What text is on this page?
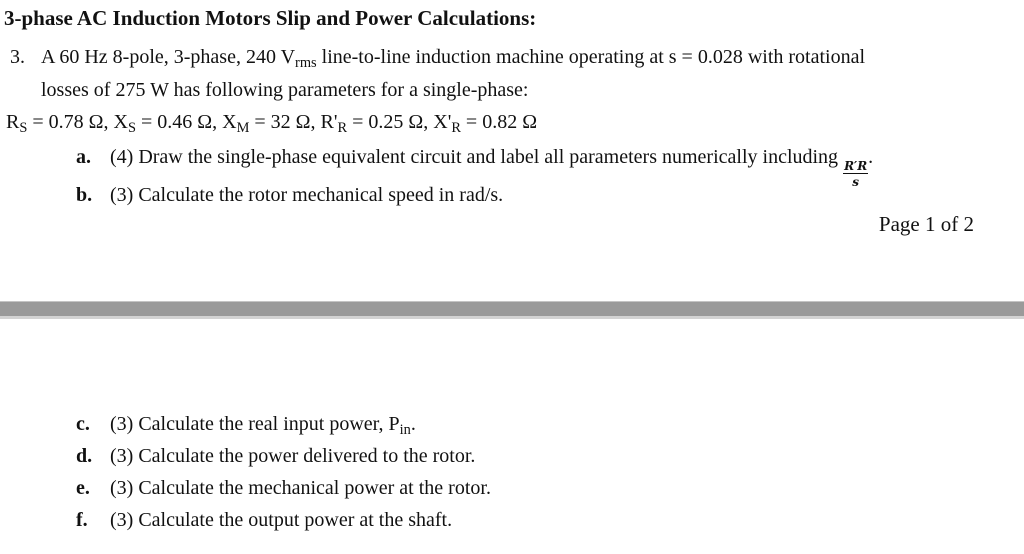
3-phase AC Induction Motors Slip and Power Calculations:
3. A 60 Hz 8-pole, 3-phase, 240 $V_{rms}$ line-to-line induction machine operating at s = 0.028 with rotational
losses of 275 W has following parameters for a single-phase:
$R_S = 0.78$ Ω, $X_S = 0.46$ Ω, $X_M = 32$ Ω, $R'_R = 0.25$ Ω, $X'_R = 0.82$ Ω
a. (4) Draw the single-phase equivalent circuit and label all parameters numerically including
$\frac{R'R}{s}$
.
b. (3) Calculate the rotor mechanical speed in rad/s.
Page 1 of 2
c. (3) Calculate the real input power, $P_{in}$.
d. (3) Calculate the power delivered to the rotor.
e. (3) Calculate the mechanical power at the rotor.
f. (3) Calculate the output power at the shaft.
